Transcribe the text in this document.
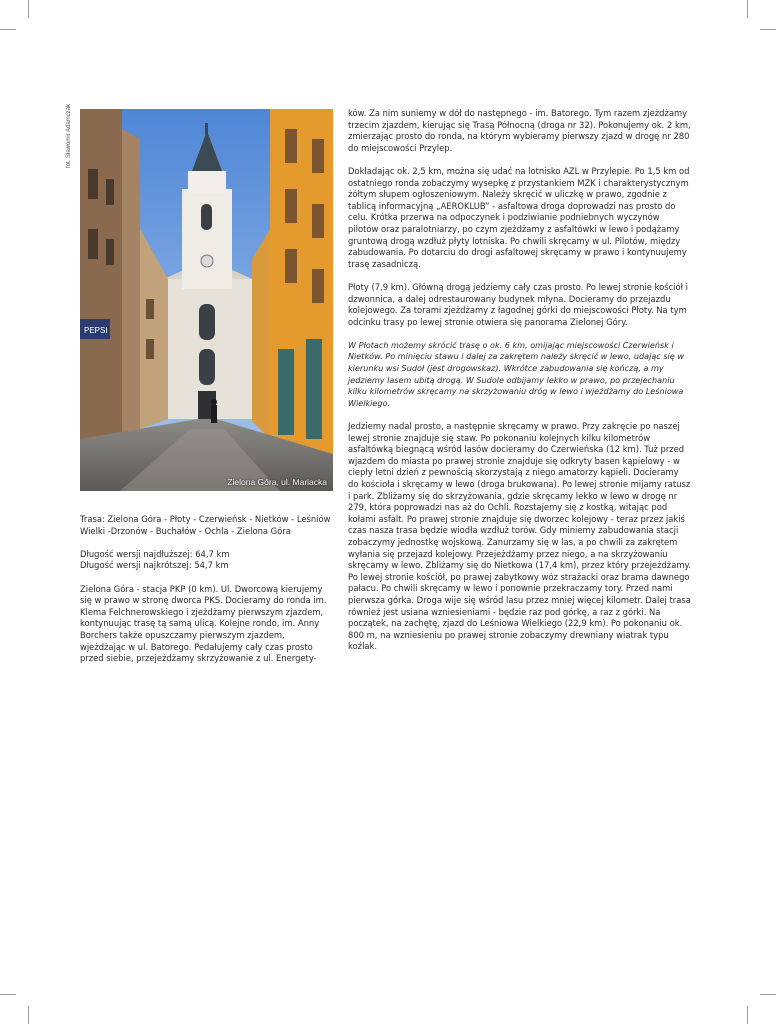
fot. Sławomir Adamczak
PEPSI
Zielona Góra, ul. Mariacka

Trasa: Zielona Góra - Płoty - Czerwieńsk - Nietków - Leśniów Wielki -Drzonów - Buchałów - Ochla - Zielona Góra

Długość wersji najdłuższej: 64,7 km
Długość wersji najkrótszej: 54,7 km

Zielona Góra - stacja PKP (0 km). Ul. Dworcową kierujemy się w prawo w stronę dworca PKS. Docieramy do ronda im. Klema Felchnerowskiego i zjeżdżamy pierwszym zjazdem, kontynuując trasę tą samą ulicą. Kolejne rondo, im. Anny Borchers także opuszczamy pierwszym zjazdem, wjeżdżając w ul. Batorego. Pedałujemy cały czas prosto przed siebie, przejeżdżamy skrzyżowanie z ul. Energety-

ków. Za nim suniemy w dół do następnego - im. Batorego. Tym razem zjeżdżamy trzecim zjazdem, kierując się Trasą Północną (droga nr 32). Pokonujemy ok. 2 km, zmierzając prosto do ronda, na którym wybieramy pierwszy zjazd w drogę nr 280 do miejscowości Przylep.

Dokładając ok. 2,5 km, można się udać na lotnisko AZL w Przylepie. Po 1,5 km od ostatniego ronda zobaczymy wysepkę z przystankiem MZK i charakterystycznym żółtym słupem ogłoszeniowym. Należy skręcić w uliczkę w prawo, zgodnie z tablicą informacyjną „AEROKLUB” - asfaltowa droga doprowadzi nas prosto do celu. Krótka przerwa na odpoczynek i podziwianie podniebnych wyczynów pilotów oraz paralotniarzy, po czym zjeżdżamy z asfaltówki w lewo i podążamy gruntową drogą wzdłuż płyty lotniska. Po chwili skręcamy w ul. Pilotów, między zabudowania. Po dotarciu do drogi asfaltowej skręcamy w prawo i kontynuujemy trasę zasadniczą.

Płoty (7,9 km). Główną drogą jedziemy cały czas prosto. Po lewej stronie kościół i dzwonnica, a dalej odrestaurowany budynek młyna. Docieramy do przejazdu kolejowego. Za torami zjeżdżamy z łagodnej górki do miejscowości Płoty. Na tym odcinku trasy po lewej stronie otwiera się panorama Zielonej Góry.

W Płotach możemy skrócić trasę o ok. 6 km, omijając miejscowości Czerwieńsk i Nietków. Po minięciu stawu i dalej za zakrętem należy skręcić w lewo, udając się w kierunku wsi Sudoł (jest drogowskaz). Wkrótce zabudowania się kończą, a my jedziemy lasem ubitą drogą. W Sudole odbijamy lekko w prawo, po przejechaniu kilku kilometrów skręcamy na skrzyżowaniu dróg w lewo i wjeżdżamy do Leśniowa Wielkiego.

Jedziemy nadal prosto, a następnie skręcamy w prawo. Przy zakręcie po naszej lewej stronie znajduje się staw. Po pokonaniu kolejnych kilku kilometrów asfaltówką biegnącą wśród lasów docieramy do Czerwieńska (12 km). Tuż przed wjazdem do miasta po prawej stronie znajduje się odkryty basen kąpielowy - w ciepły letni dzień z pewnością skorzystają z niego amatorzy kąpieli. Docieramy do kościoła i skręcamy w lewo (droga brukowana). Po lewej stronie mijamy ratusz i park. Zbliżamy się do skrzyżowania, gdzie skręcamy lekko w lewo w drogę nr 279, która poprowadzi nas aż do Ochli. Rozstajemy się z kostką, witając pod kołami asfalt. Po prawej stronie znajduje się dworzec kolejowy - teraz przez jakiś czas nasza trasa będzie wiodła wzdłuż torów. Gdy miniemy zabudowania stacji zobaczymy jednostkę wojskową. Zanurzamy się w las, a po chwili za zakrętem wyłania się przejazd kolejowy. Przejeżdżamy przez niego, a na skrzyżowaniu skręcamy w lewo. Zbliżamy się do Nietkowa (17,4 km), przez który przejeżdżamy. Po lewej stronie kościół, po prawej zabytkowy wóz strażacki oraz brama dawnego pałacu. Po chwili skręcamy w lewo i ponownie przekraczamy tory. Przed nami pierwsza górka. Droga wije się wśród lasu przez mniej więcej kilometr. Dalej trasa również jest usiana wzniesieniami - będzie raz pod górkę, a raz z górki. Na początek, na zachętę, zjazd do Leśniowa Wielkiego (22,9 km). Po pokonaniu ok. 800 m, na wzniesieniu po prawej stronie zobaczymy drewniany wiatrak typu koźlak.
